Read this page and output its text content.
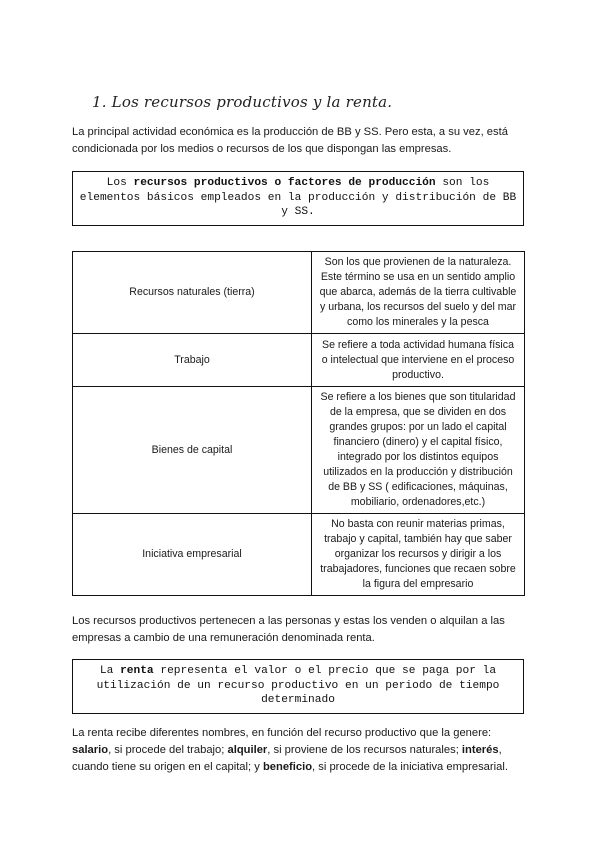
1. Los recursos productivos y la renta.
La principal actividad económica es la producción de BB y SS. Pero esta, a su vez, está condicionada por los medios o recursos de los que dispongan las empresas.
Los recursos productivos o factores de producción son los elementos básicos empleados en la producción y distribución de BB y SS.
Recursos naturales (tierra)	Son los que provienen de la naturaleza. Este término se usa en un sentido amplio que abarca, además de la tierra cultivable y urbana, los recursos del suelo y del mar como los minerales y la pesca
Trabajo	Se refiere a toda actividad humana física o intelectual que interviene en el proceso productivo.
Bienes de capital	Se refiere a los bienes que son titularidad de la empresa, que se dividen en dos grandes grupos: por un lado el capital financiero (dinero) y el capital físico, integrado por los distintos equipos utilizados en la producción y distribución de BB y SS ( edificaciones, máquinas, mobiliario, ordenadores,etc.)
Iniciativa empresarial	No basta con reunir materias primas, trabajo y capital, también hay que saber organizar los recursos y dirigir a los trabajadores, funciones que recaen sobre la figura del empresario
Los recursos productivos pertenecen a las personas y estas los venden o alquilan a las empresas a cambio de una remuneración denominada renta.
La renta representa el valor o el precio que se paga por la utilización de un recurso productivo en un periodo de tiempo determinado
La renta recibe diferentes nombres, en función del recurso productivo que la genere: salario, si procede del trabajo; alquiler, si proviene de los recursos naturales; interés, cuando tiene su origen en el capital; y beneficio, si procede de la iniciativa empresarial.
